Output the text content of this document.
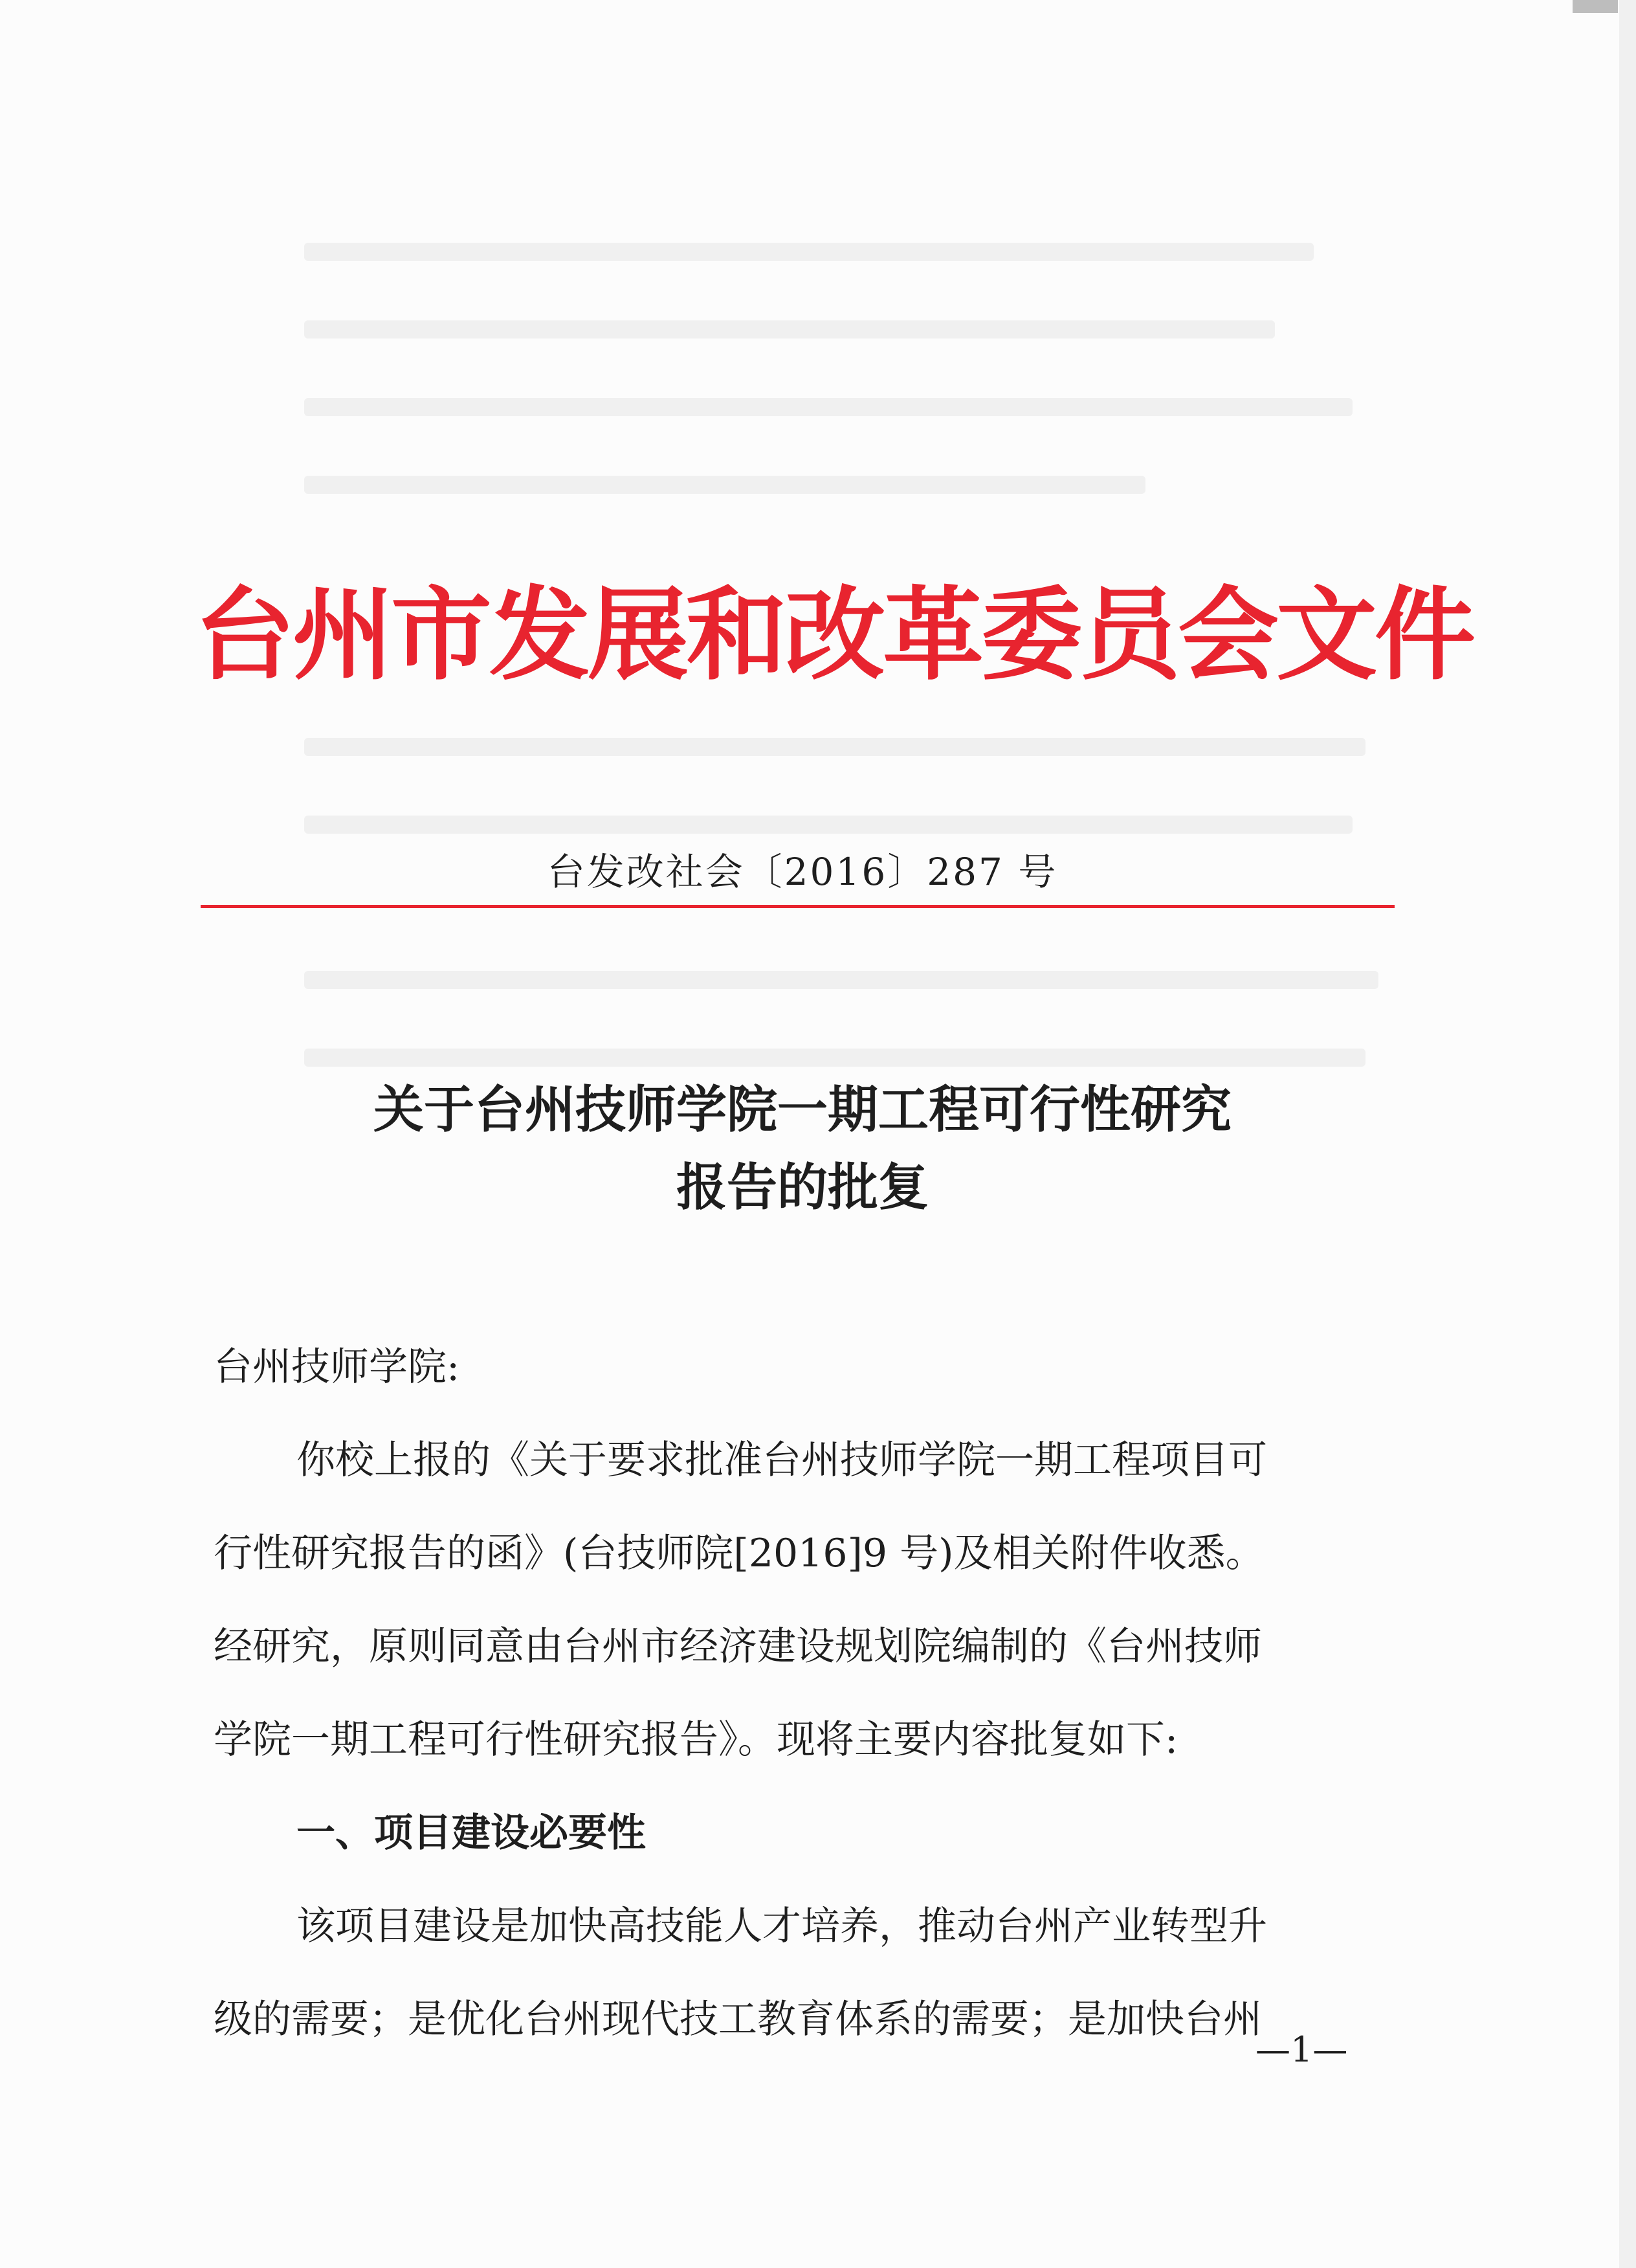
台州市发展和改革委员会文件
台发改社会〔2016〕287 号
关于台州技师学院一期工程可行性研究
报告的批复
台州技师学院:
你校上报的《关于要求批准台州技师学院一期工程项目可
行性研究报告的函》(台技师院[2016]9 号)及相关附件收悉。
经研究，原则同意由台州市经济建设规划院编制的《台州技师
学院一期工程可行性研究报告》。现将主要内容批复如下:
一、项目建设必要性
该项目建设是加快高技能人才培养，推动台州产业转型升
级的需要；是优化台州现代技工教育体系的需要；是加快台州
—1—
